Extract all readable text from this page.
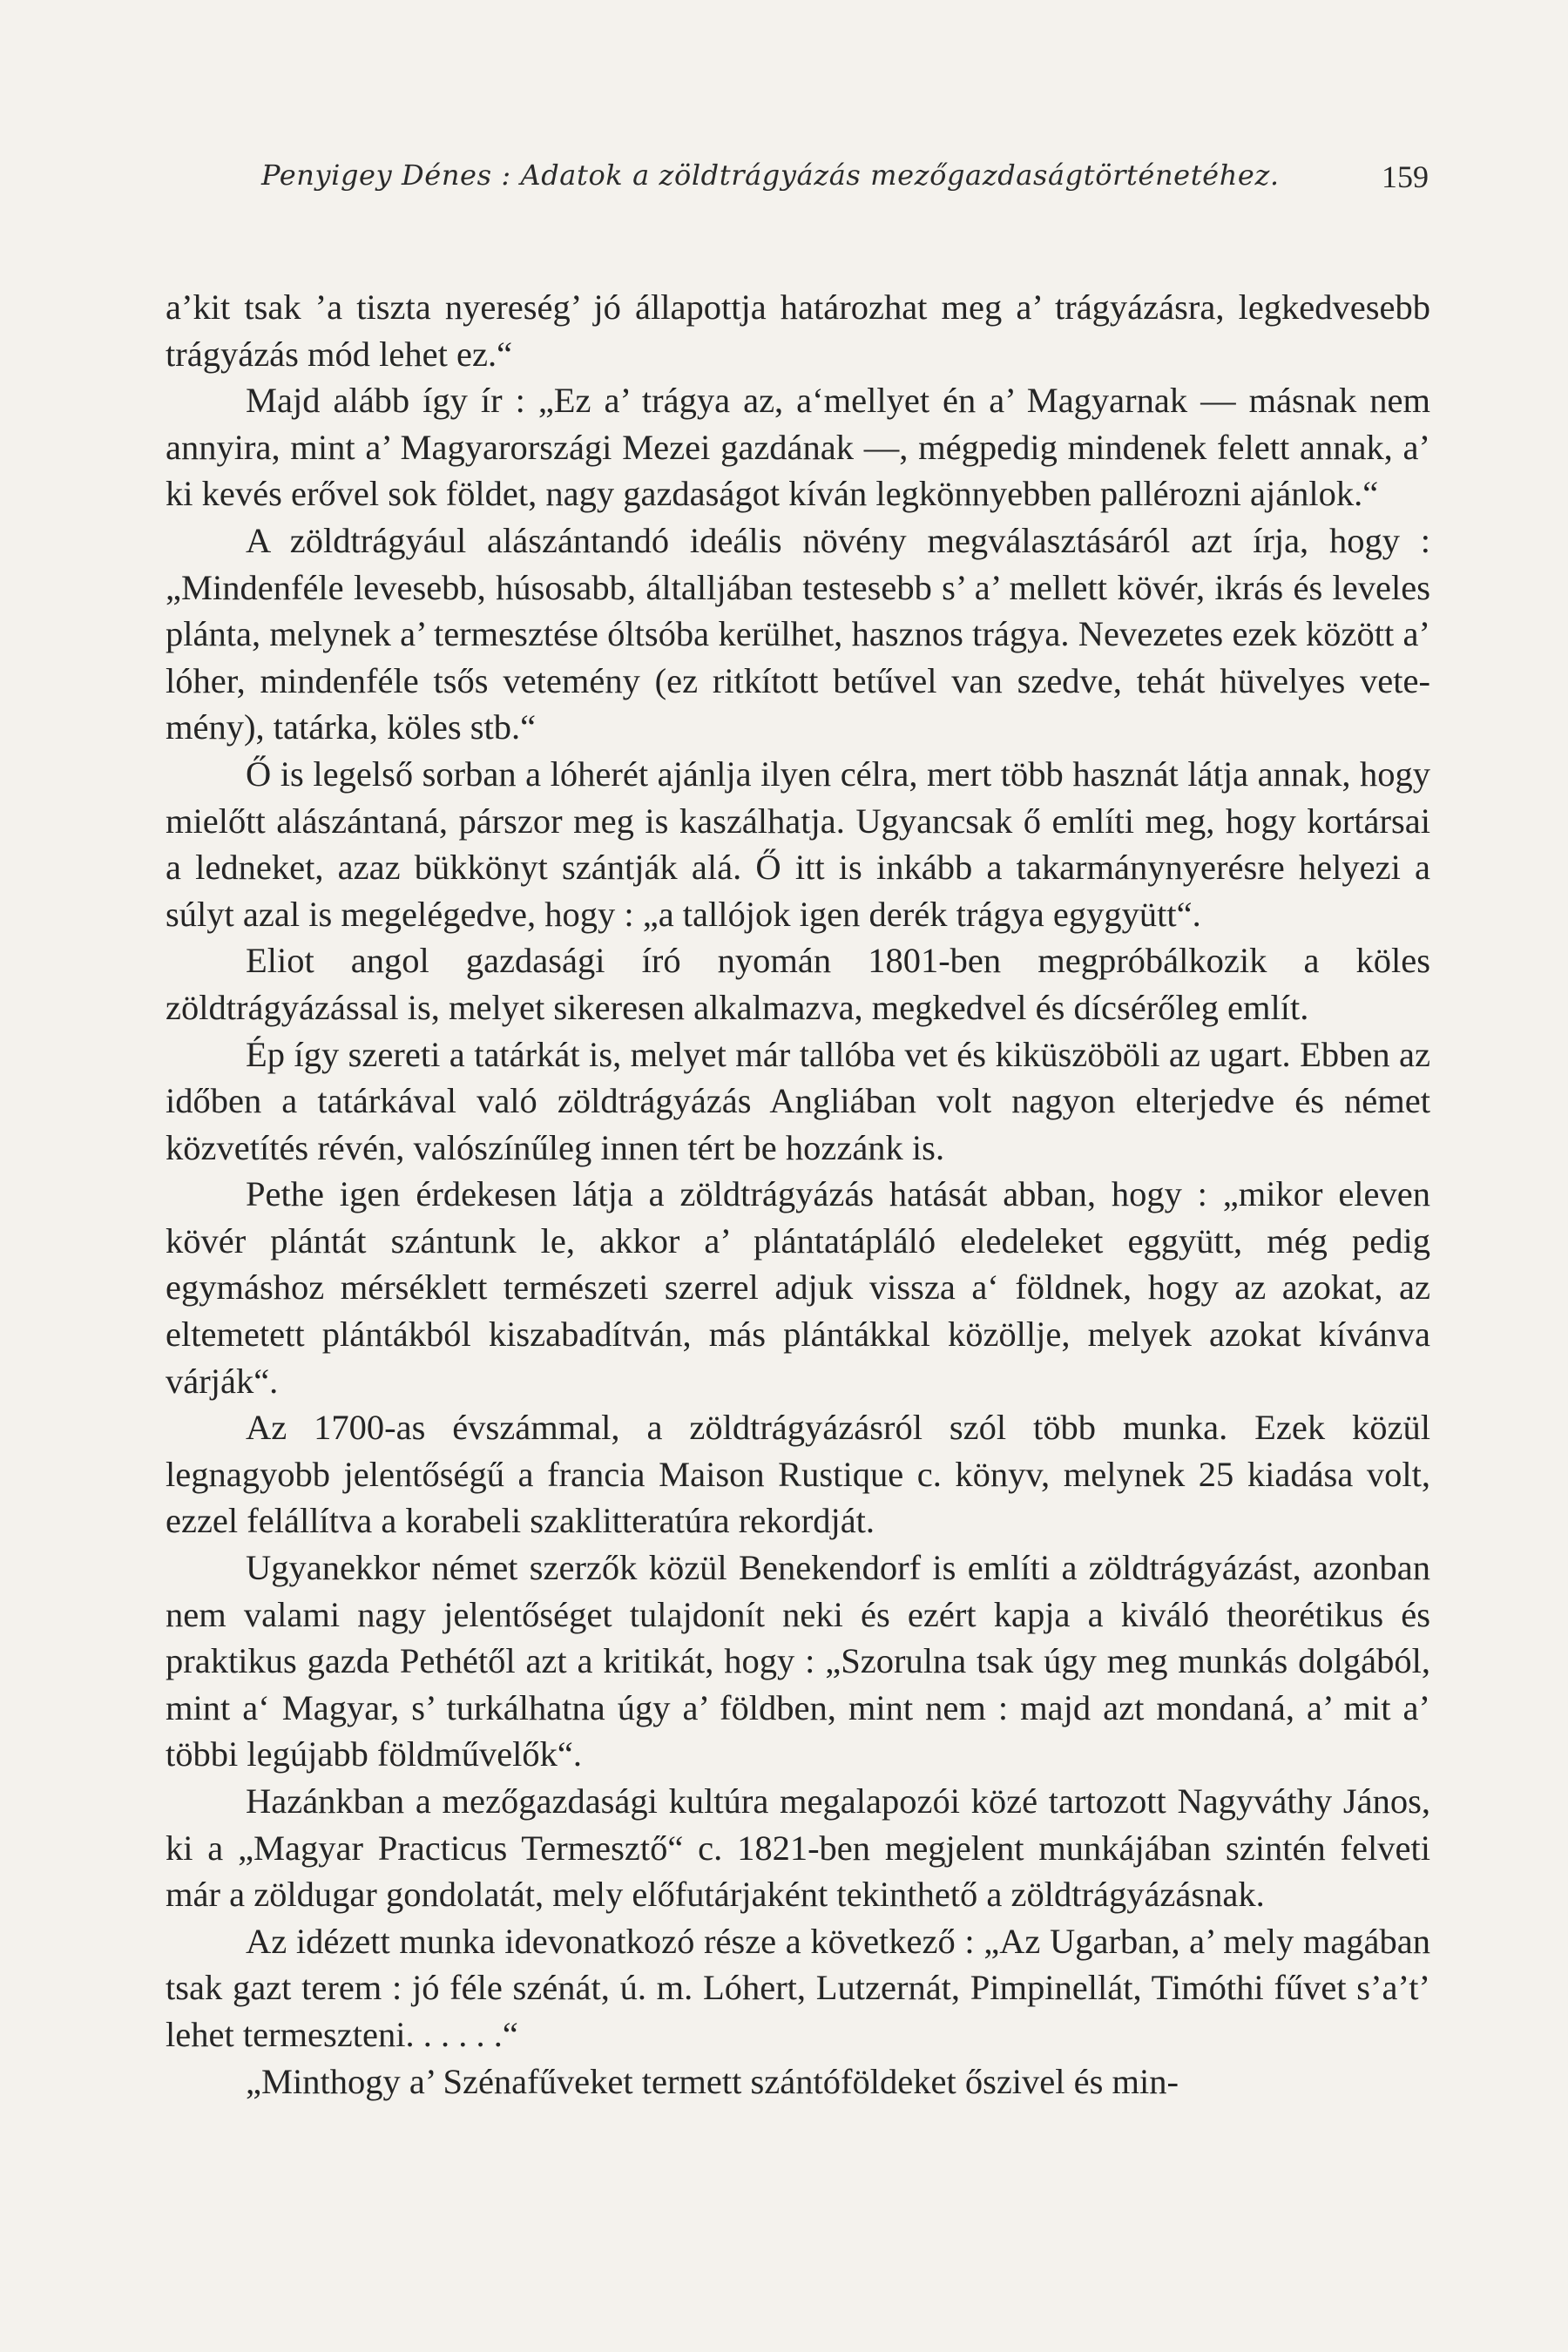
Penyigey Dénes : Adatok a zöldtrágyázás mezőgazdaságtörténetéhez.	159

a’kit tsak ’a tiszta nyereség’ jó állapottja határozhat meg a’ trágyázásra, legkedvesebb trágyázás mód lehet ez.“

Majd alább így ír : „Ez a’ trágya az, a‘mellyet én a’ Magyarnak — másnak nem annyira, mint a’ Magyarországi Mezei gazdának —, mégpedig mindenek felett annak, a’ ki kevés erővel sok földet, nagy gazdaságot kíván legkönnyebben pallérozni ajánlok.“

A zöldtrágyául alászántandó ideális növény megválasztásáról azt írja, hogy : „Mindenféle levesebb, húsosabb, általljában testesebb s’ a’ mellett kövér, ikrás és leveles plánta, melynek a’ termesztése óltsóba kerülhet, hasznos trágya. Nevezetes ezek között a’ lóher, mindenféle tsős vetemény (ez ritkított betűvel van szedve, tehát hüvelyes vetemény), tatárka, köles stb.“

Ő is legelső sorban a lóherét ajánlja ilyen célra, mert több hasznát látja annak, hogy mielőtt alászántaná, párszor meg is kaszálhatja. Ugyancsak ő említi meg, hogy kortársai a ledneket, azaz bükkönyt szántják alá. Ő itt is inkább a takarmánynyerésre helyezi a súlyt azal is megelégedve, hogy : „a tallójok igen derék trágya egygyütt“.

Eliot angol gazdasági író nyomán 1801-ben megpróbálkozik a köles zöldtrágyázással is, melyet sikeresen alkalmazva, megkedvel és dícsérőleg említ.

Ép így szereti a tatárkát is, melyet már tallóba vet és kiküszöböli az ugart. Ebben az időben a tatárkával való zöldtrágyázás Angliában volt nagyon elterjedve és német közvetítés révén, valószínűleg innen tért be hozzánk is.

Pethe igen érdekesen látja a zöldtrágyázás hatását abban, hogy : „mikor eleven kövér plántát szántunk le, akkor a’ plántatápláló eledeleket eggyütt, még pedig egymáshoz mérséklett természeti szerrel adjuk vissza a‘ földnek, hogy az azokat, az eltemetett plántákból kiszabadítván, más plántákkal közöllje, melyek azokat kívánva várják“.

Az 1700-as évszámmal, a zöldtrágyázásról szól több munka. Ezek közül legnagyobb jelentőségű a francia Maison Rustique c. könyv, melynek 25 kiadása volt, ezzel felállítva a korabeli szaklitteratúra rekordját.

Ugyanekkor német szerzők közül Benekendorf is említi a zöldtrágyázást, azonban nem valami nagy jelentőséget tulajdonít neki és ezért kapja a kiváló theorétikus és praktikus gazda Pethétől azt a kritikát, hogy : „Szorulna tsak úgy meg munkás dolgából, mint a‘ Magyar, s’ turkálhatna úgy a’ földben, mint nem : majd azt mondaná, a’ mit a’ többi legújabb földművelők“.

Hazánkban a mezőgazdasági kultúra megalapozói közé tartozott Nagyváthy János, ki a „Magyar Practicus Termesztő“ c. 1821-ben megjelent munkájában szintén felveti már a zöldugar gondolatát, mely előfutárjaként tekinthető a zöldtrágyázásnak.

Az idézett munka idevonatkozó része a következő : „Az Ugarban, a’ mely magában tsak gazt terem : jó féle szénát, ú. m. Lóhert, Lutzernát, Pimpinellát, Timóthi fűvet s’a’t’ lehet termeszteni. . . . . .“

„Minthogy a’ Szénafűveket termett szántóföldeket őszivel és min-
